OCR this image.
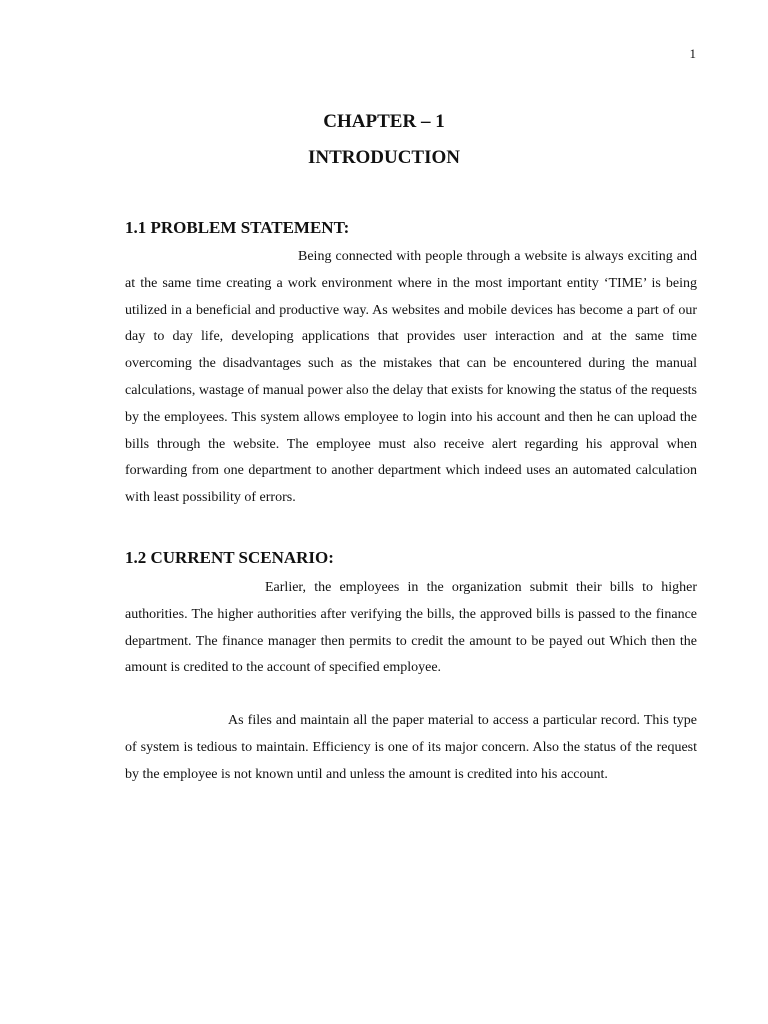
1
CHAPTER – 1
INTRODUCTION
1.1 PROBLEM STATEMENT:

Being connected with people through a website is always exciting and at the same time creating a work environment where in the most important entity ‘TIME’ is being utilized in a beneficial and productive way. As websites and mobile devices has become a part of our day to day life, developing applications that provides user interaction and at the same time overcoming the disadvantages such as the mistakes that can be encountered during the manual calculations, wastage of manual power also the delay that exists for knowing the status of the requests by the employees. This system allows employee to login into his account and then he can upload the bills through the website. The employee must also receive alert regarding his approval when forwarding from one department to another department which indeed uses an automated calculation with least possibility of errors.

1.2 CURRENT SCENARIO:

Earlier, the employees in the organization submit their bills to higher authorities. The higher authorities after verifying the bills, the approved bills is passed to the finance department. The finance manager then permits to credit the amount to be payed out Which then the amount is credited to the account of specified employee.

As files and maintain all the paper material to access a particular record. This type of system is tedious to maintain. Efficiency is one of its major concern. Also the status of the request by the employee is not known until and unless the amount is credited into his account.
